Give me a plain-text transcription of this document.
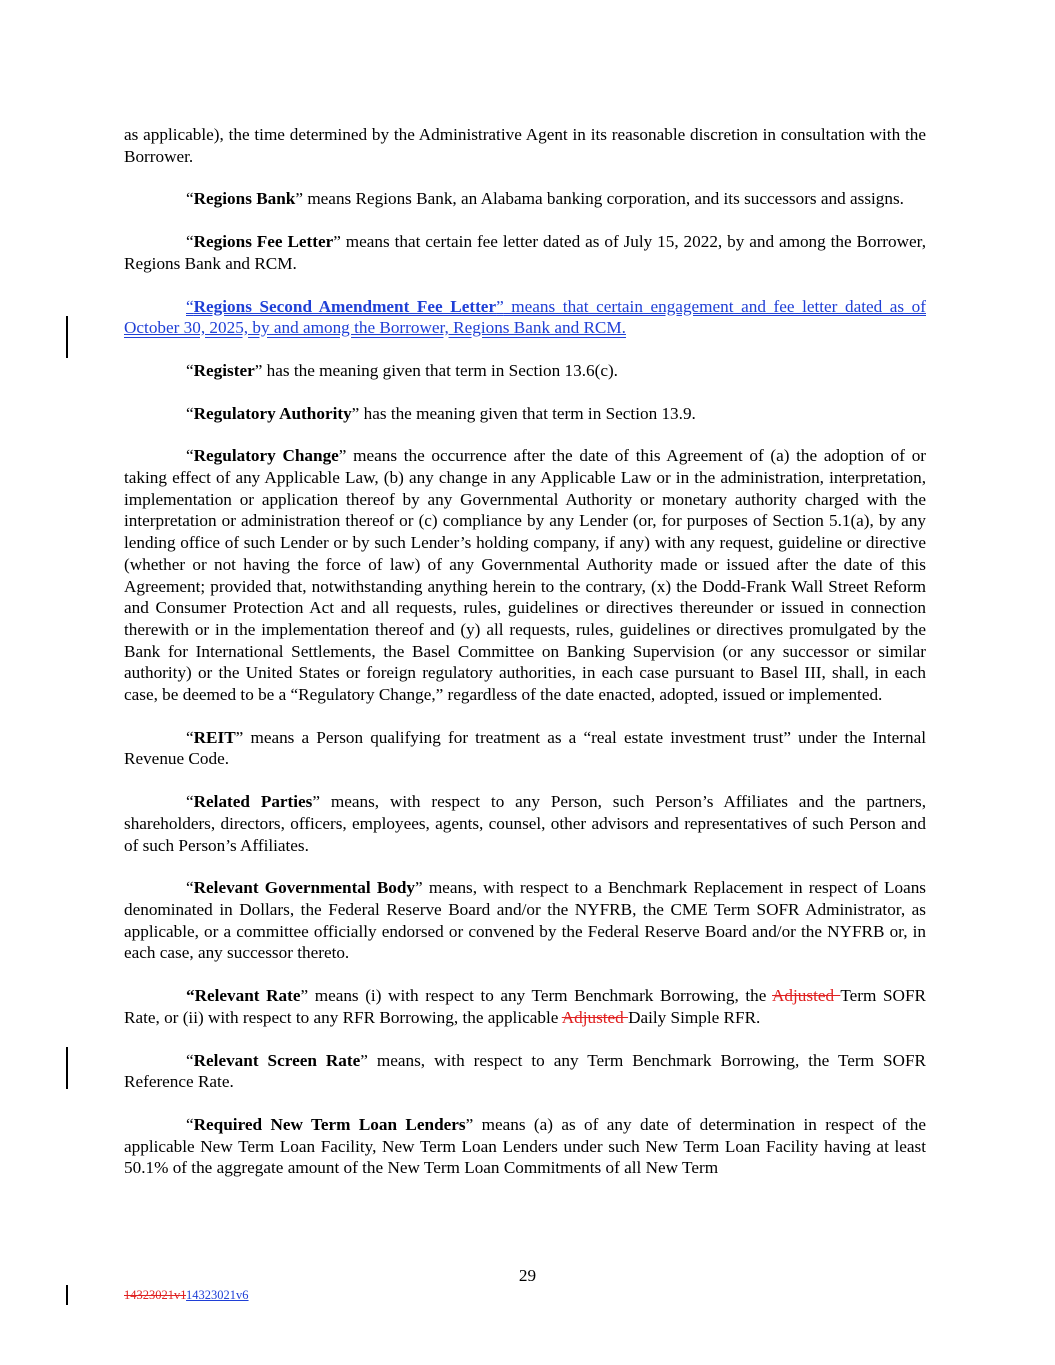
as applicable), the time determined by the Administrative Agent in its reasonable discretion in consultation with the Borrower.

“Regions Bank” means Regions Bank, an Alabama banking corporation, and its successors and assigns.

“Regions Fee Letter” means that certain fee letter dated as of July 15, 2022, by and among the Borrower, Regions Bank and RCM.

“Regions Second Amendment Fee Letter” means that certain engagement and fee letter dated as of October 30, 2025, by and among the Borrower, Regions Bank and RCM.

“Register” has the meaning given that term in Section 13.6(c).

“Regulatory Authority” has the meaning given that term in Section 13.9.

“Regulatory Change” means the occurrence after the date of this Agreement of (a) the adoption of or taking effect of any Applicable Law, (b) any change in any Applicable Law or in the administration, interpretation, implementation or application thereof by any Governmental Authority or monetary authority charged with the interpretation or administration thereof or (c) compliance by any Lender (or, for purposes of Section 5.1(a), by any lending office of such Lender or by such Lender’s holding company, if any) with any request, guideline or directive (whether or not having the force of law) of any Governmental Authority made or issued after the date of this Agreement; provided that, notwithstanding anything herein to the contrary, (x) the Dodd-Frank Wall Street Reform and Consumer Protection Act and all requests, rules, guidelines or directives thereunder or issued in connection therewith or in the implementation thereof and (y) all requests, rules, guidelines or directives promulgated by the Bank for International Settlements, the Basel Committee on Banking Supervision (or any successor or similar authority) or the United States or foreign regulatory authorities, in each case pursuant to Basel III, shall, in each case, be deemed to be a “Regulatory Change,” regardless of the date enacted, adopted, issued or implemented.

“REIT” means a Person qualifying for treatment as a “real estate investment trust” under the Internal Revenue Code.

“Related Parties” means, with respect to any Person, such Person’s Affiliates and the partners, shareholders, directors, officers, employees, agents, counsel, other advisors and representatives of such Person and of such Person’s Affiliates.

“Relevant Governmental Body” means, with respect to a Benchmark Replacement in respect of Loans denominated in Dollars, the Federal Reserve Board and/or the NYFRB, the CME Term SOFR Administrator, as applicable, or a committee officially endorsed or convened by the Federal Reserve Board and/or the NYFRB or, in each case, any successor thereto.

“Relevant Rate” means (i) with respect to any Term Benchmark Borrowing, the Adjusted Term SOFR Rate, or (ii) with respect to any RFR Borrowing, the applicable Adjusted Daily Simple RFR.

“Relevant Screen Rate” means, with respect to any Term Benchmark Borrowing, the Term SOFR Reference Rate.

“Required New Term Loan Lenders” means (a) as of any date of determination in respect of the applicable New Term Loan Facility, New Term Loan Lenders under such New Term Loan Facility having at least 50.1% of the aggregate amount of the New Term Loan Commitments of all New Term

29
14323021v114323021v6
